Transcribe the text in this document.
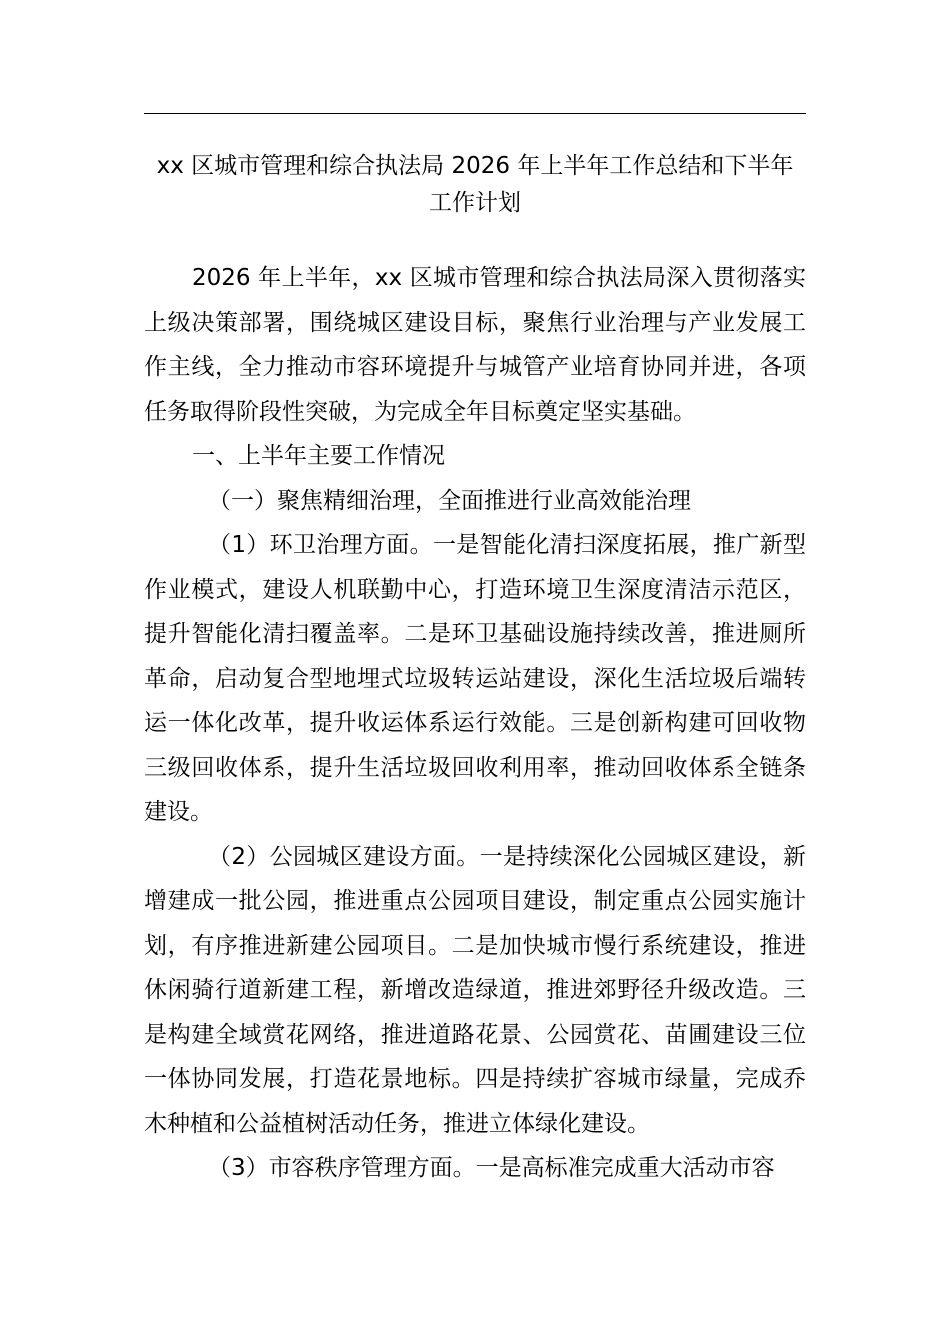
xx 区城市管理和综合执法局 2026 年上半年工作总结和下半年
工作计划

2026 年上半年，xx 区城市管理和综合执法局深入贯彻落实上级决策部署，围绕城区建设目标，聚焦行业治理与产业发展工作主线，全力推动市容环境提升与城管产业培育协同并进，各项任务取得阶段性突破，为完成全年目标奠定坚实基础。

一、上半年主要工作情况

（一）聚焦精细治理，全面推进行业高效能治理

（1）环卫治理方面。一是智能化清扫深度拓展，推广新型作业模式，建设人机联勤中心，打造环境卫生深度清洁示范区，提升智能化清扫覆盖率。二是环卫基础设施持续改善，推进厕所革命，启动复合型地埋式垃圾转运站建设，深化生活垃圾后端转运一体化改革，提升收运体系运行效能。三是创新构建可回收物三级回收体系，提升生活垃圾回收利用率，推动回收体系全链条建设。

（2）公园城区建设方面。一是持续深化公园城区建设，新增建成一批公园，推进重点公园项目建设，制定重点公园实施计划，有序推进新建公园项目。二是加快城市慢行系统建设，推进休闲骑行道新建工程，新增改造绿道，推进郊野径升级改造。三是构建全域赏花网络，推进道路花景、公园赏花、苗圃建设三位一体协同发展，打造花景地标。四是持续扩容城市绿量，完成乔木种植和公益植树活动任务，推进立体绿化建设。

（3）市容秩序管理方面。一是高标准完成重大活动市容
